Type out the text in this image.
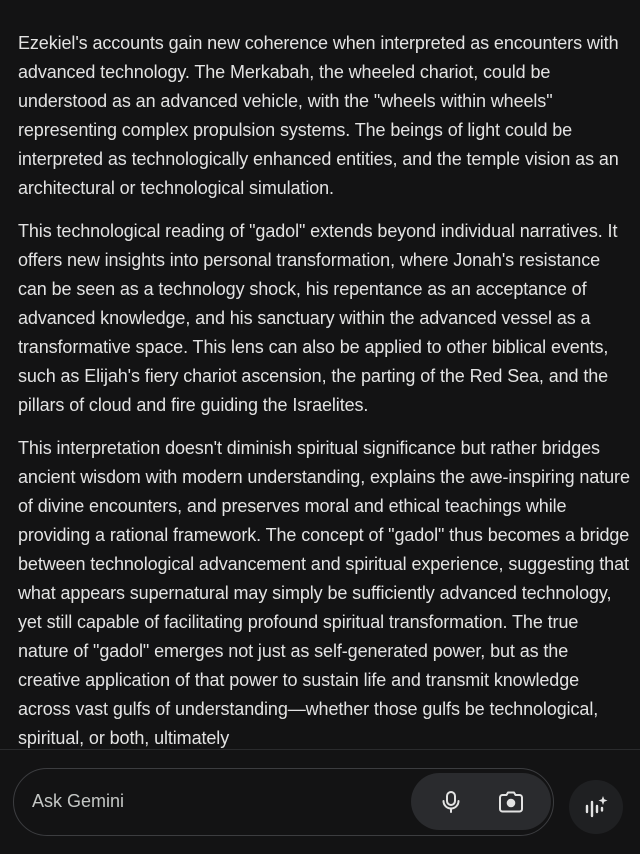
Ezekiel's accounts gain new coherence when interpreted as encounters with advanced technology. The Merkabah, the wheeled chariot, could be understood as an advanced vehicle, with the "wheels within wheels" representing complex propulsion systems. The beings of light could be interpreted as technologically enhanced entities, and the temple vision as an architectural or technological simulation.

This technological reading of "gadol" extends beyond individual narratives. It offers new insights into personal transformation, where Jonah's resistance can be seen as a technology shock, his repentance as an acceptance of advanced knowledge, and his sanctuary within the advanced vessel as a transformative space. This lens can also be applied to other biblical events, such as Elijah's fiery chariot ascension, the parting of the Red Sea, and the pillars of cloud and fire guiding the Israelites.

This interpretation doesn't diminish spiritual significance but rather bridges ancient wisdom with modern understanding, explains the awe-inspiring nature of divine encounters, and preserves moral and ethical teachings while providing a rational framework. The concept of "gadol" thus becomes a bridge between technological advancement and spiritual experience, suggesting that what appears supernatural may simply be sufficiently advanced technology, yet still capable of facilitating profound spiritual transformation. The true nature of "gadol" emerges not just as self-generated power, but as the creative application of that power to sustain life and transmit knowledge across vast gulfs of understanding—whether those gulfs be technological, spiritual, or both, ultimately

Ask Gemini
